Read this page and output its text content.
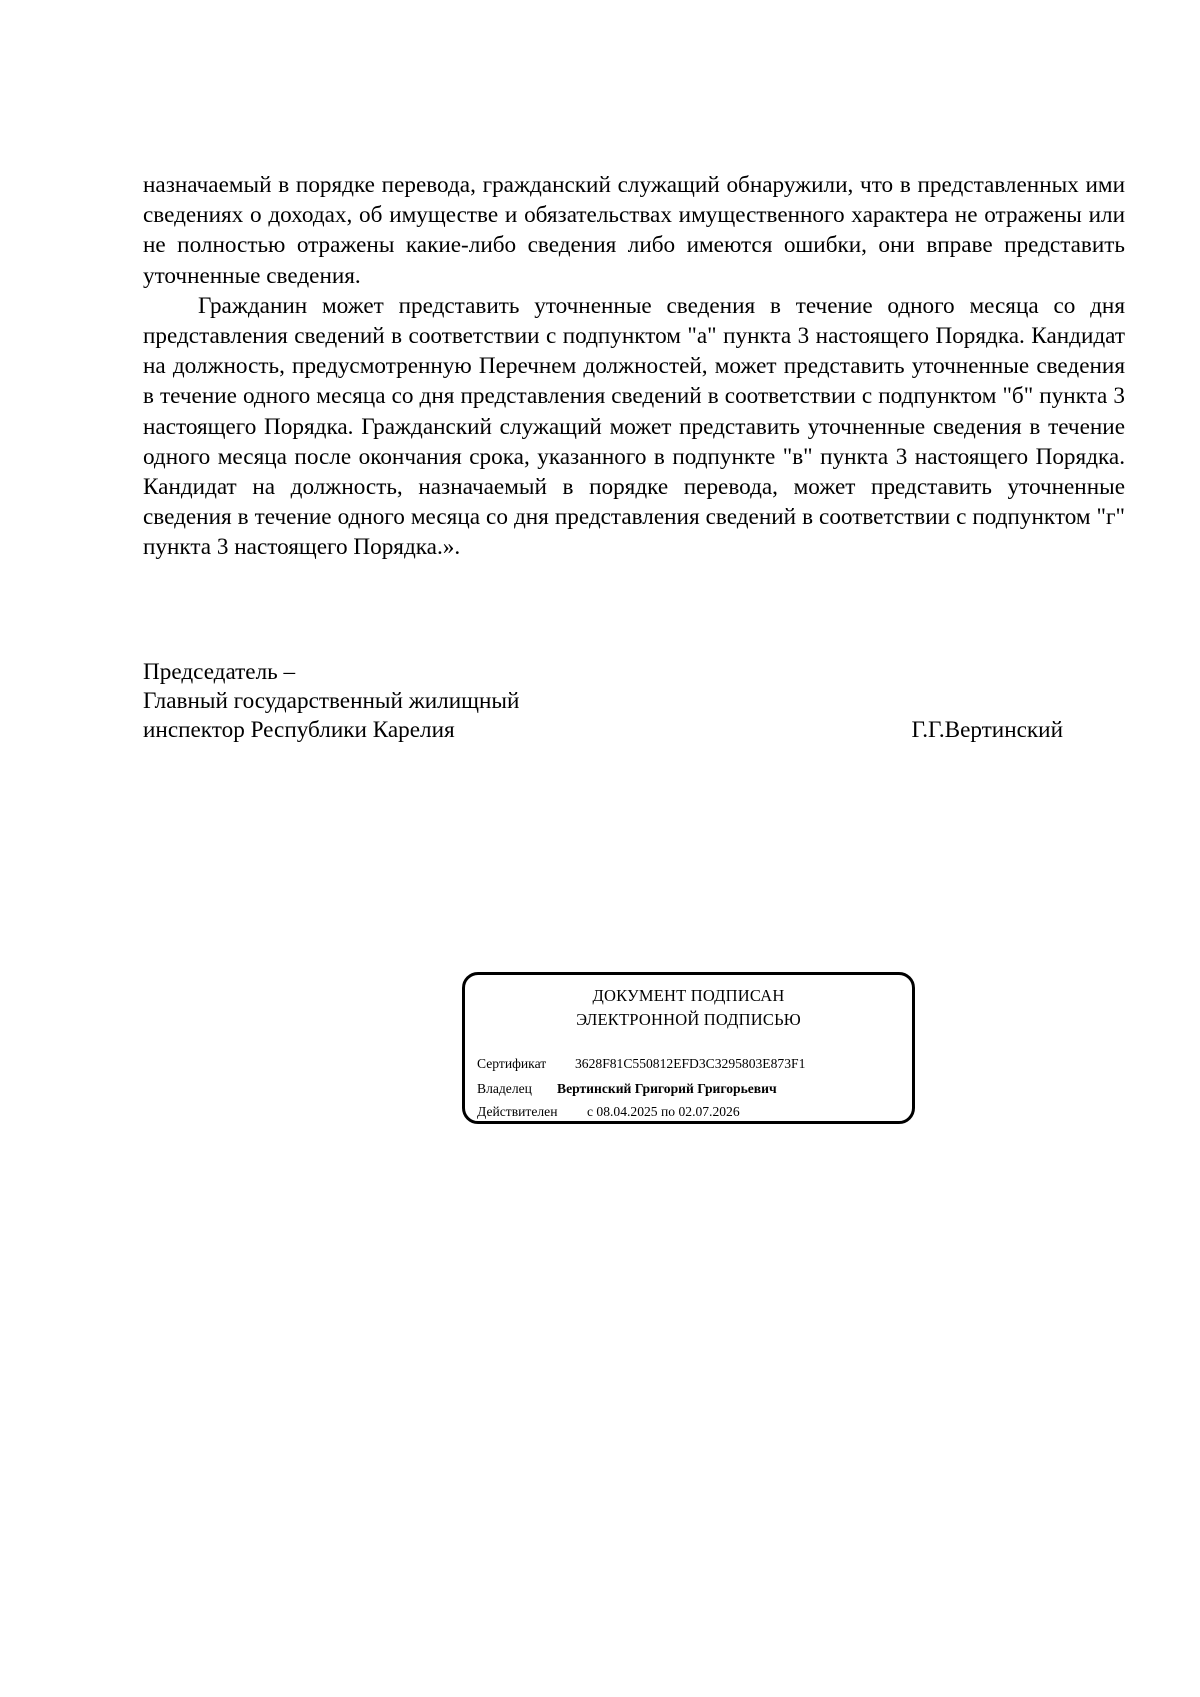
назначаемый в порядке перевода, гражданский служащий обнаружили, что в представленных ими сведениях о доходах, об имуществе и обязательствах имущественного характера не отражены или не полностью отражены какие-либо сведения либо имеются ошибки, они вправе представить уточненные сведения.

Гражданин может представить уточненные сведения в течение одного месяца со дня представления сведений в соответствии с подпунктом "а" пункта 3 настоящего Порядка. Кандидат на должность, предусмотренную Перечнем должностей, может представить уточненные сведения в течение одного месяца со дня представления сведений в соответствии с подпунктом "б" пункта 3 настоящего Порядка. Гражданский служащий может представить уточненные сведения в течение одного месяца после окончания срока, указанного в подпункте "в" пункта 3 настоящего Порядка. Кандидат на должность, назначаемый в порядке перевода, может представить уточненные сведения в течение одного месяца со дня представления сведений в соответствии с подпунктом "г" пункта 3 настоящего Порядка.».

Председатель –
Главный государственный жилищный
инспектор Республики Карелия	Г.Г.Вертинский
ДОКУМЕНТ ПОДПИСАН
ЭЛЕКТРОННОЙ ПОДПИСЬЮ
Сертификат 3628F81C550812EFD3C3295803E873F1
Владелец Вертинский Григорий Григорьевич
Действителен с 08.04.2025 по 02.07.2026
